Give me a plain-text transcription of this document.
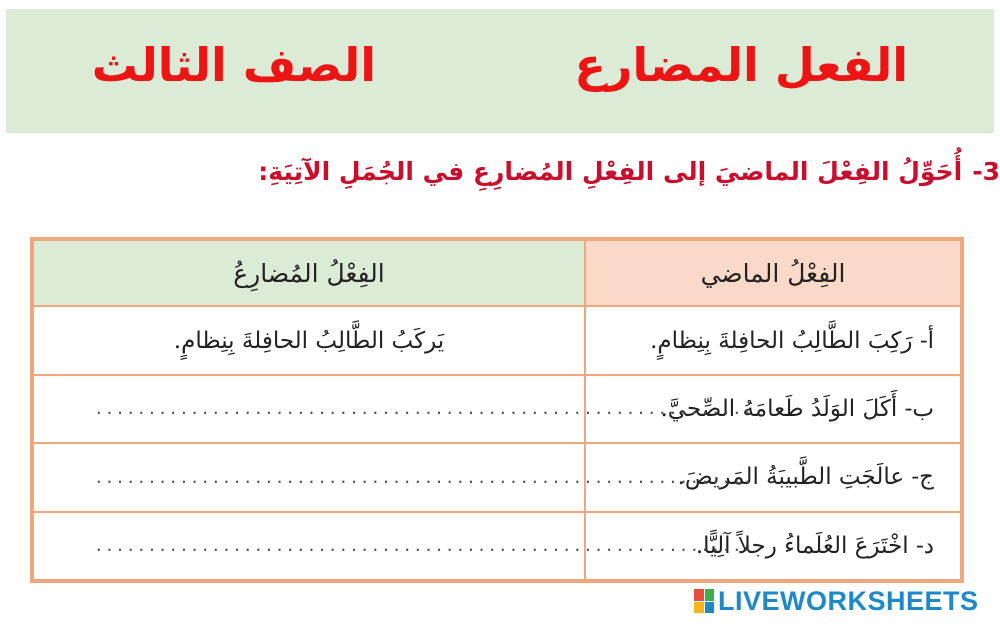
الفعل المضارع
الصف الثالث
3-أُحَوِّلُ الفِعْلَ الماضيَ إلى الفِعْلِ المُضارِعِ في الجُمَلِ الآتِيَةِ:
الفِعْلُ الماضي	الفِعْلُ المُضارِعُ
أ- رَكِبَ الطَّالِبُ الحافِلةَ بِنِظامٍ.	يَركَبُ الطَّالِبُ الحافِلةَ بِنِظامٍ.
ب- أَكَلَ الوَلَدُ طَعامَهُ الصِّحيَّ.	..............................................................

ج- عالَجَتِ الطَّبيبَةُ المَريضَ.	..............................................................

د- اخْتَرَعَ العُلَماءُ رجلاً آلِيًّا.	..............................................................
LIVEWORKSHEETS
